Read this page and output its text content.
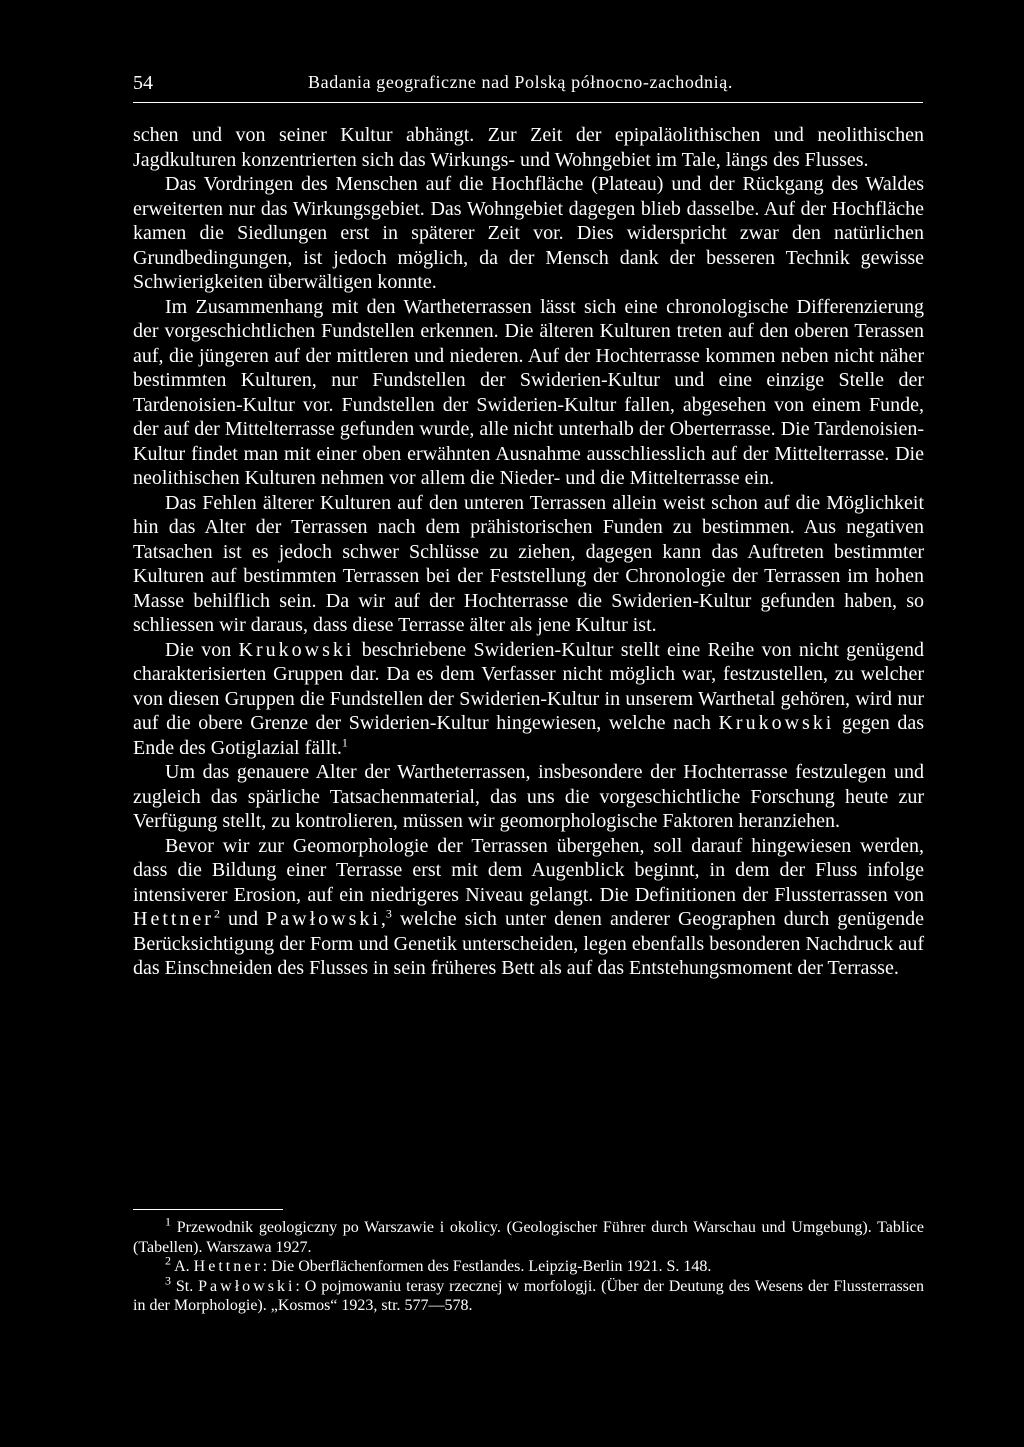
54	Badania geograficzne nad Polską północno-zachodnią.

schen und von seiner Kultur abhängt. Zur Zeit der epipaläolithischen und neolithischen Jagdkulturen konzentrierten sich das Wirkungs- und Wohngebiet im Tale, längs des Flusses.

Das Vordringen des Menschen auf die Hochfläche (Plateau) und der Rückgang des Waldes erweiterten nur das Wirkungsgebiet. Das Wohngebiet dagegen blieb dasselbe. Auf der Hochfläche kamen die Siedlungen erst in späterer Zeit vor. Dies widerspricht zwar den natürlichen Grundbedingungen, ist jedoch möglich, da der Mensch dank der besseren Technik gewisse Schwierigkeiten überwältigen konnte.

Im Zusammenhang mit den Wartheterrassen lässt sich eine chronologische Differenzierung der vorgeschichtlichen Fundstellen erkennen. Die älteren Kulturen treten auf den oberen Terassen auf, die jüngeren auf der mittleren und niederen. Auf der Hochterrasse kommen neben nicht näher bestimmten Kulturen, nur Fundstellen der Swiderien-Kultur und eine einzige Stelle der Tardenoisien-Kultur vor. Fundstellen der Swiderien-Kultur fallen, abgesehen von einem Funde, der auf der Mittelterrasse gefunden wurde, alle nicht unterhalb der Oberterrasse. Die Tardenoisien-Kultur findet man mit einer oben erwähnten Ausnahme ausschliesslich auf der Mittelterrasse. Die neolithischen Kulturen nehmen vor allem die Nieder- und die Mittelterrasse ein.

Das Fehlen älterer Kulturen auf den unteren Terrassen allein weist schon auf die Möglichkeit hin das Alter der Terrassen nach dem prähistorischen Funden zu bestimmen. Aus negativen Tatsachen ist es jedoch schwer Schlüsse zu ziehen, dagegen kann das Auftreten bestimmter Kulturen auf bestimmten Terrassen bei der Feststellung der Chronologie der Terrassen im hohen Masse behilflich sein. Da wir auf der Hochterrasse die Swiderien-Kultur gefunden haben, so schliessen wir daraus, dass diese Terrasse älter als jene Kultur ist.

Die von Krukowski beschriebene Swiderien-Kultur stellt eine Reihe von nicht genügend charakterisierten Gruppen dar. Da es dem Verfasser nicht möglich war, festzustellen, zu welcher von diesen Gruppen die Fundstellen der Swiderien-Kultur in unserem Warthetal gehören, wird nur auf die obere Grenze der Swiderien-Kultur hingewiesen, welche nach Krukowski gegen das Ende des Gotiglazial fällt.$^1$

Um das genauere Alter der Wartheterrassen, insbesondere der Hochterrasse festzulegen und zugleich das spärliche Tatsachenmaterial, das uns die vorgeschichtliche Forschung heute zur Verfügung stellt, zu kontrolieren, müssen wir geomorphologische Faktoren heranziehen.

Bevor wir zur Geomorphologie der Terrassen übergehen, soll darauf hingewiesen werden, dass die Bildung einer Terrasse erst mit dem Augenblick beginnt, in dem der Fluss infolge intensiverer Erosion, auf ein niedrigeres Niveau gelangt. Die Definitionen der Flussterrassen von Hettner$^2$ und Pawłowski,$^3$ welche sich unter denen anderer Geographen durch genügende Berücksichtigung der Form und Genetik unterscheiden, legen ebenfalls besonderen Nachdruck auf das Einschneiden des Flusses in sein früheres Bett als auf das Entstehungsmoment der Terrasse.

$^1$ Przewodnik geologiczny po Warszawie i okolicy. (Geologischer Führer durch Warschau und Umgebung). Tablice (Tabellen). Warszawa 1927.

$^2$ A. Hettner: Die Oberflächenformen des Festlandes. Leipzig-Berlin 1921. S. 148.

$^3$ St. Pawłowski: O pojmowaniu terasy rzecznej w morfologji. (Über der Deutung des Wesens der Flussterrassen in der Morphologie). „Kosmos“ 1923, str. 577—578.
